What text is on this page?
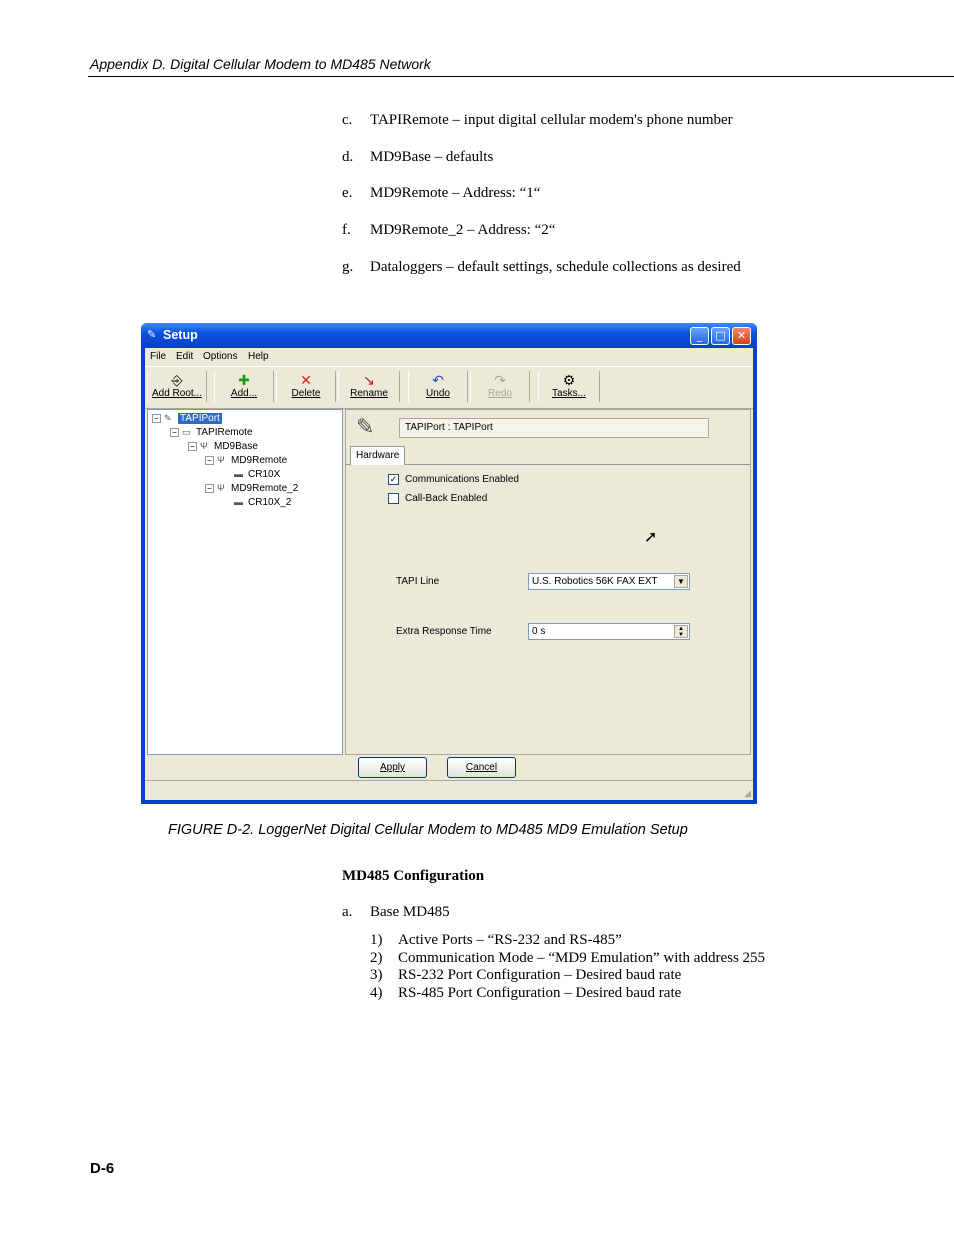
Appendix D. Digital Cellular Modem to MD485 Network
c. TAPIRemote – input digital cellular modem's phone number
d. MD9Base – defaults
e. MD9Remote – Address: “1“
f. MD9Remote_2 – Address: “2“
g. Dataloggers – default settings, schedule collections as desired
✎ Setup	_	□	✕
File Edit Options Help
⎆
Add Root...
✚
Add...
✕
Delete
↘
Rename
↶
Undo
↷
Redo
⚙
Tasks...
− ✎ TAPIPort
− ▭ TAPIRemote
− Ψ MD9Base
− Ψ MD9Remote
▬ CR10X
− Ψ MD9Remote_2
▬ CR10X_2
✎	TAPIPort : TAPIPort
Hardware
✓ Communications Enabled
Call-Back Enabled
➚
TAPI Line	U.S. Robotics 56K FAX EXT	▼
Extra Response Time	0 s	▲
▼
Apply	Cancel
◢
FIGURE D-2. LoggerNet Digital Cellular Modem to MD485 MD9 Emulation Setup
MD485 Configuration
a. Base MD485
1) Active Ports – “RS-232 and RS-485”
2) Communication Mode – “MD9 Emulation” with address 255
3) RS-232 Port Configuration – Desired baud rate
4) RS-485 Port Configuration – Desired baud rate
D-6
